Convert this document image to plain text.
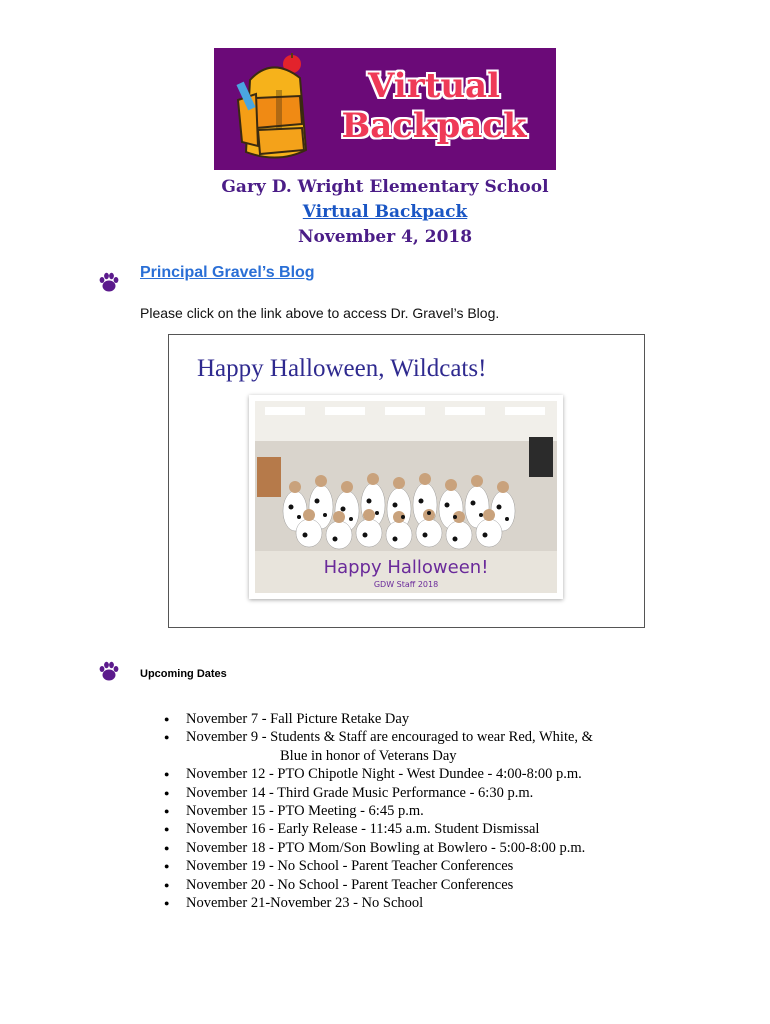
Virtual
Backpack
Gary D. Wright Elementary School
Virtual Backpack
November 4, 2018
Principal Gravel’s Blog
Please click on the link above to access Dr. Gravel’s Blog.
Happy Halloween, Wildcats!
Happy Halloween!
GDW Staff 2018
Upcoming Dates
● November 7 - Fall Picture Retake Day
● November 9 - Students & Staff are encouraged to wear Red, White, &
Blue in honor of Veterans Day
● November 12 - PTO Chipotle Night - West Dundee - 4:00-8:00 p.m.
● November 14 - Third Grade Music Performance - 6:30 p.m.
● November 15 - PTO Meeting - 6:45 p.m.
● November 16 - Early Release - 11:45 a.m. Student Dismissal
● November 18 - PTO Mom/Son Bowling at Bowlero - 5:00-8:00 p.m.
● November 19 - No School - Parent Teacher Conferences
● November 20 - No School - Parent Teacher Conferences
● November 21-November 23 - No School
